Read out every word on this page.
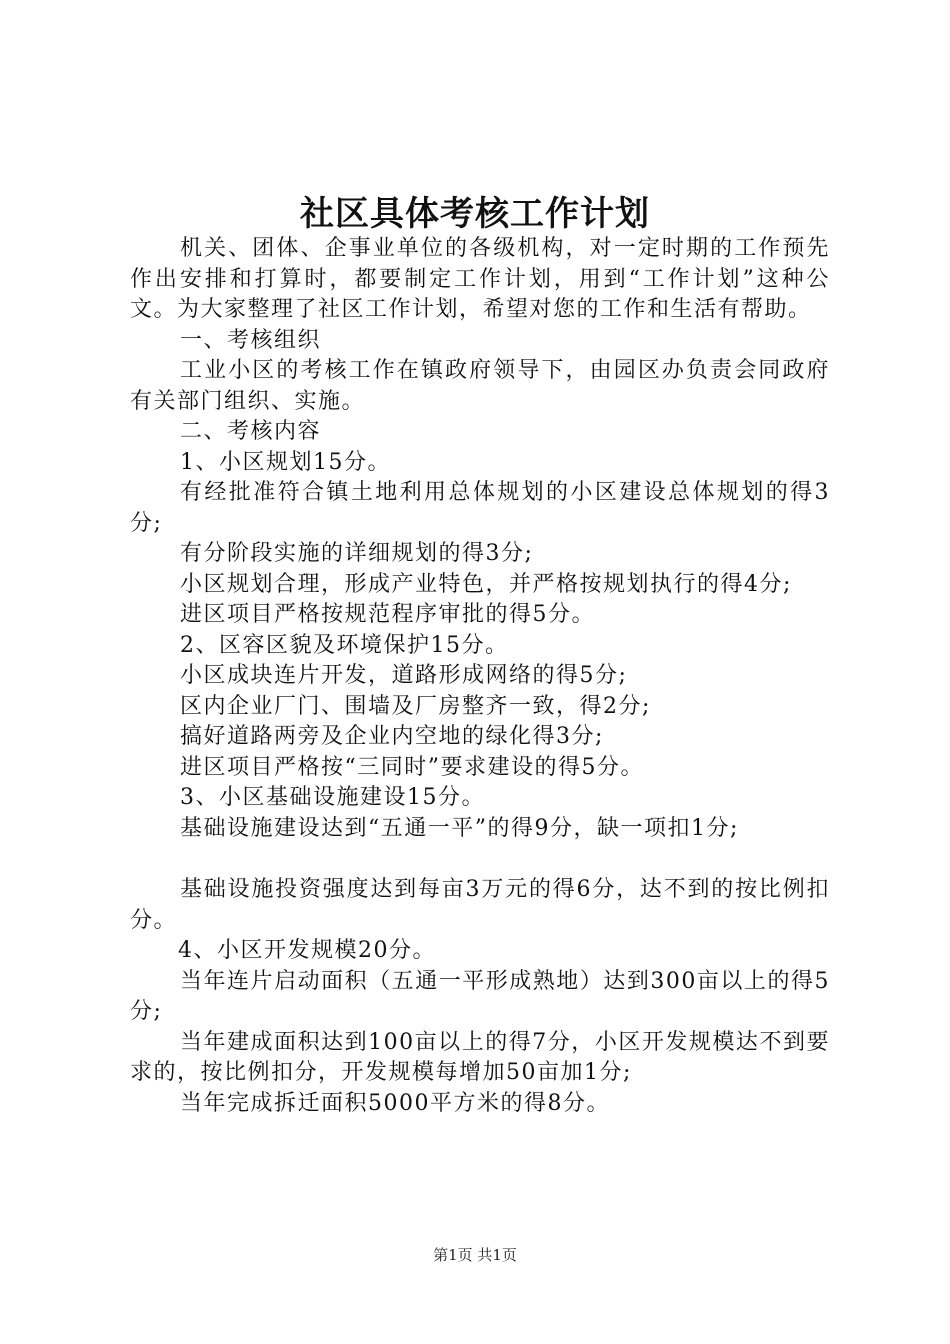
社区具体考核工作计划

机关、团体、企事业单位的各级机构，对一定时期的工作预先作出安排和打算时，都要制定工作计划，用到“工作计划”这种公文。为大家整理了社区工作计划，希望对您的工作和生活有帮助。

一、考核组织

工业小区的考核工作在镇政府领导下，由园区办负责会同政府有关部门组织、实施。

二、考核内容

1、小区规划15分。

有经批准符合镇土地利用总体规划的小区建设总体规划的得3分;

有分阶段实施的详细规划的得3分;

小区规划合理，形成产业特色，并严格按规划执行的得4分;

进区项目严格按规范程序审批的得5分。

2、区容区貌及环境保护15分。

小区成块连片开发，道路形成网络的得5分;

区内企业厂门、围墙及厂房整齐一致，得2分;

搞好道路两旁及企业内空地的绿化得3分;

进区项目严格按“三同时”要求建设的得5分。

3、小区基础设施建设15分。

基础设施建设达到“五通一平”的得9分，缺一项扣1分;

基础设施投资强度达到每亩3万元的得6分，达不到的按比例扣分。

4、小区开发规模20分。

当年连片启动面积（五通一平形成熟地）达到300亩以上的得5分;

当年建成面积达到100亩以上的得7分，小区开发规模达不到要求的，按比例扣分，开发规模每增加50亩加1分;

当年完成拆迁面积5000平方米的得8分。

第1页 共1页
